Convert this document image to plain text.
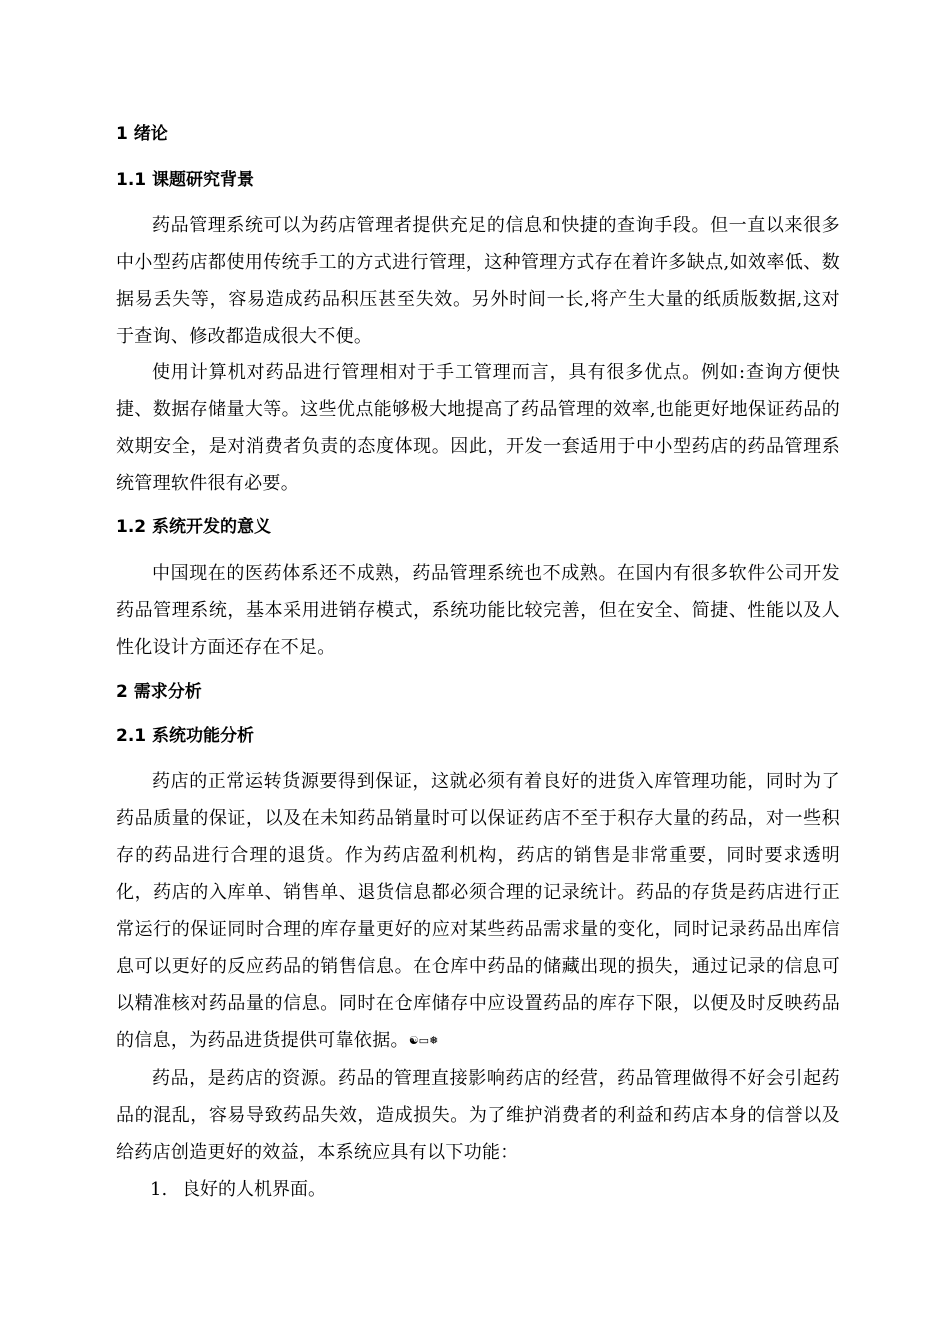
1 绪论
1.1 课题研究背景

药品管理系统可以为药店管理者提供充足的信息和快捷的查询手段。但一直以来很多中小型药店都使用传统手工的方式进行管理，这种管理方式存在着许多缺点,如效率低、数据易丢失等，容易造成药品积压甚至失效。另外时间一长,将产生大量的纸质版数据,这对于查询、修改都造成很大不便。

使用计算机对药品进行管理相对于手工管理而言，具有很多优点。例如:查询方便快捷、数据存储量大等。这些优点能够极大地提高了药品管理的效率,也能更好地保证药品的效期安全，是对消费者负责的态度体现。因此，开发一套适用于中小型药店的药品管理系统管理软件很有必要。

1.2 系统开发的意义

中国现在的医药体系还不成熟，药品管理系统也不成熟。在国内有很多软件公司开发药品管理系统，基本采用进销存模式，系统功能比较完善，但在安全、简捷、性能以及人性化设计方面还存在不足。

2 需求分析
2.1 系统功能分析

药店的正常运转货源要得到保证，这就必须有着良好的进货入库管理功能，同时为了药品质量的保证，以及在未知药品销量时可以保证药店不至于积存大量的药品，对一些积存的药品进行合理的退货。作为药店盈利机构，药店的销售是非常重要，同时要求透明化，药店的入库单、销售单、退货信息都必须合理的记录统计。药品的存货是药店进行正常运行的保证同时合理的库存量更好的应对某些药品需求量的变化，同时记录药品出库信息可以更好的反应药品的销售信息。在仓库中药品的储藏出现的损失，通过记录的信息可以精准核对药品量的信息。同时在仓库储存中应设置药品的库存下限，以便及时反映药品的信息，为药品进货提供可靠依据。☯▭❅

药品，是药店的资源。药品的管理直接影响药店的经营，药品管理做得不好会引起药品的混乱，容易导致药品失效，造成损失。为了维护消费者的利益和药店本身的信誉以及给药店创造更好的效益，本系统应具有以下功能：

1. 良好的人机界面。
